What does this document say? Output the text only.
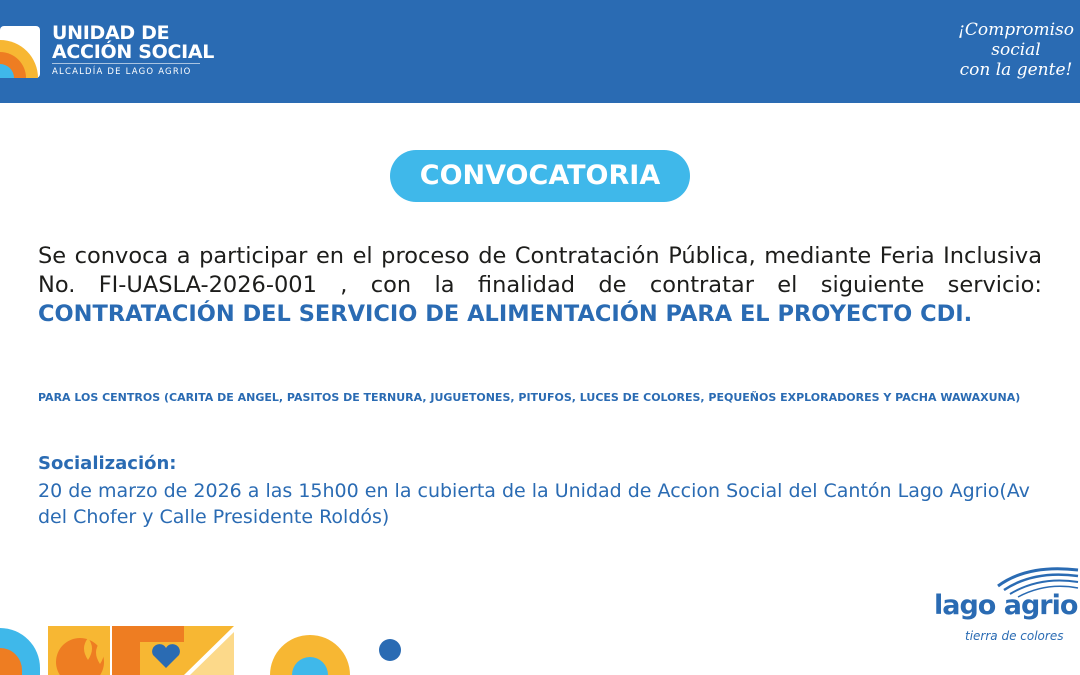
UNIDAD DE
ACCIÓN SOCIAL
ALCALDÍA DE LAGO AGRIO
¡Compromiso
social
con la gente!
CONVOCATORIA
Se convoca a participar en el proceso de Contratación Pública, mediante Feria Inclusiva No. FI-UASLA-2026-001 , con la finalidad de contratar el siguiente servicio: CONTRATACIÓN DEL SERVICIO DE ALIMENTACIÓN PARA EL PROYECTO CDI.
PARA LOS CENTROS (CARITA DE ANGEL, PASITOS DE TERNURA, JUGUETONES, PITUFOS, LUCES DE COLORES, PEQUEÑOS EXPLORADORES Y PACHA WAWAXUNA)
Socialización:
20 de marzo de 2026 a las 15h00 en la cubierta de la Unidad de Accion Social del Cantón Lago Agrio(Av del Chofer y Calle Presidente Roldós)
lago agrio
tierra de colores
